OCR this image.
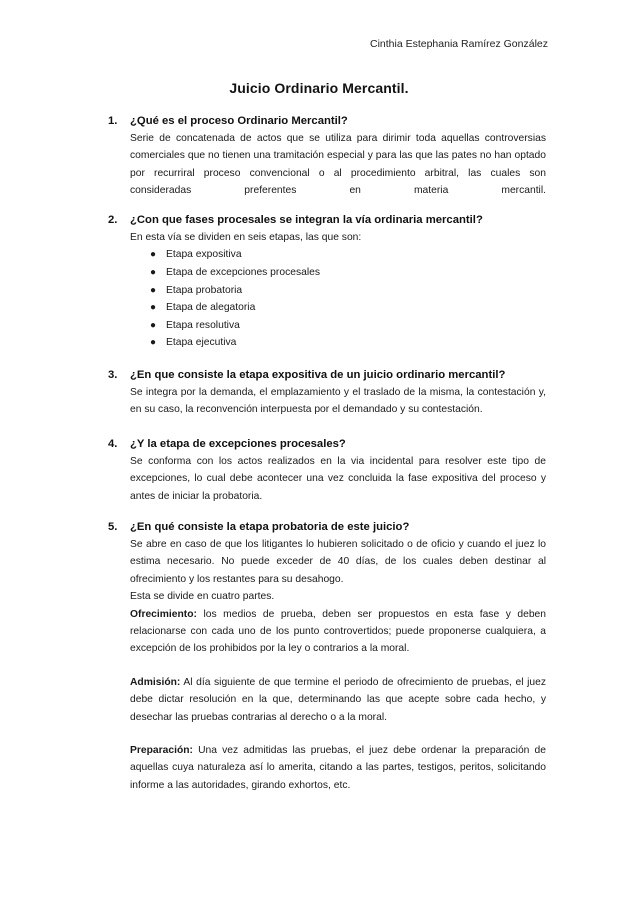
Cinthia Estephania Ramírez González
Juicio Ordinario Mercantil.
1. ¿Qué es el proceso Ordinario Mercantil?

Serie de concatenada de actos que se utiliza para dirimir toda aquellas controversias comerciales que no tienen una tramitación especial y para las que las pates no han optado por recurriral proceso convencional o al procedimiento arbitral, las cuales son consideradas preferentes en materia mercantil.

2. ¿Con que fases procesales se integran la vía ordinaria mercantil?

En esta vía se dividen en seis etapas, las que son:

● Etapa expositiva
● Etapa de excepciones procesales
● Etapa probatoria
● Etapa de alegatoria
● Etapa resolutiva
● Etapa ejecutiva
3. ¿En que consiste la etapa expositiva de un juicio ordinario mercantil?

Se integra por la demanda, el emplazamiento y el traslado de la misma, la contestación y, en su caso, la reconvención interpuesta por el demandado y su contestación.

4. ¿Y la etapa de excepciones procesales?

Se conforma con los actos realizados en la via incidental para resolver este tipo de excepciones, lo cual debe acontecer una vez concluida la fase expositiva del proceso y antes de iniciar la probatoria.

5. ¿En qué consiste la etapa probatoria de este juicio?

Se abre en caso de que los litigantes lo hubieren solicitado o de oficio y cuando el juez lo estima necesario. No puede exceder de 40 días, de los cuales deben destinar al ofrecimiento y los restantes para su desahogo.

Esta se divide en cuatro partes.

Ofrecimiento: los medios de prueba, deben ser propuestos en esta fase y deben relacionarse con cada uno de los punto controvertidos; puede proponerse cualquiera, a excepción de los prohibidos por la ley o contrarios a la moral.

Admisión: Al día siguiente de que termine el periodo de ofrecimiento de pruebas, el juez debe dictar resolución en la que, determinando las que acepte sobre cada hecho, y desechar las pruebas contrarias al derecho o a la moral.

Preparación: Una vez admitidas las pruebas, el juez debe ordenar la preparación de aquellas cuya naturaleza así lo amerita, citando a las partes, testigos, peritos, solicitando informe a las autoridades, girando exhortos, etc.
